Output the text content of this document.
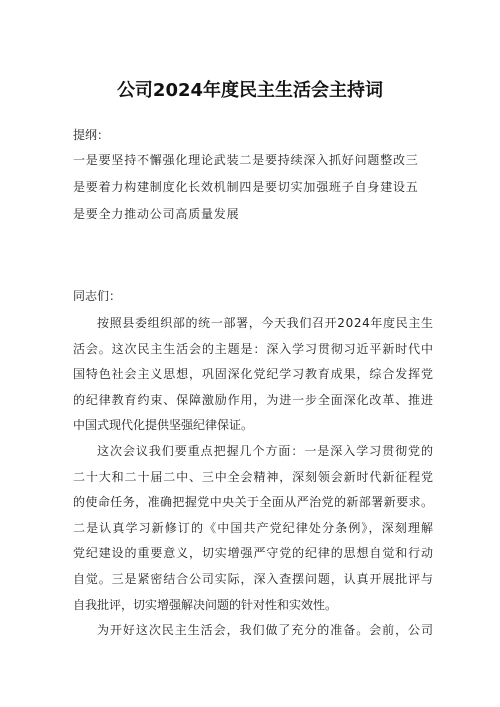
公司2024年度民主生活会主持词
提纲：
一是要坚持不懈强化理论武装二是要持续深入抓好问题整改三
是要着力构建制度化长效机制四是要切实加强班子自身建设五
是要全力推动公司高质量发展
同志们：
按照县委组织部的统一部署，今天我们召开2024年度民主生
活会。这次民主生活会的主题是：深入学习贯彻习近平新时代中
国特色社会主义思想，巩固深化党纪学习教育成果，综合发挥党
的纪律教育约束、保障激励作用，为进一步全面深化改革、推进
中国式现代化提供坚强纪律保证。
这次会议我们要重点把握几个方面：一是深入学习贯彻党的
二十大和二十届二中、三中全会精神，深刻领会新时代新征程党
的使命任务，准确把握党中央关于全面从严治党的新部署新要求。
二是认真学习新修订的《中国共产党纪律处分条例》，深刻理解
党纪建设的重要意义，切实增强严守党的纪律的思想自觉和行动
自觉。三是紧密结合公司实际，深入查摆问题，认真开展批评与
自我批评，切实增强解决问题的针对性和实效性。
为开好这次民主生活会，我们做了充分的准备。会前，公司
